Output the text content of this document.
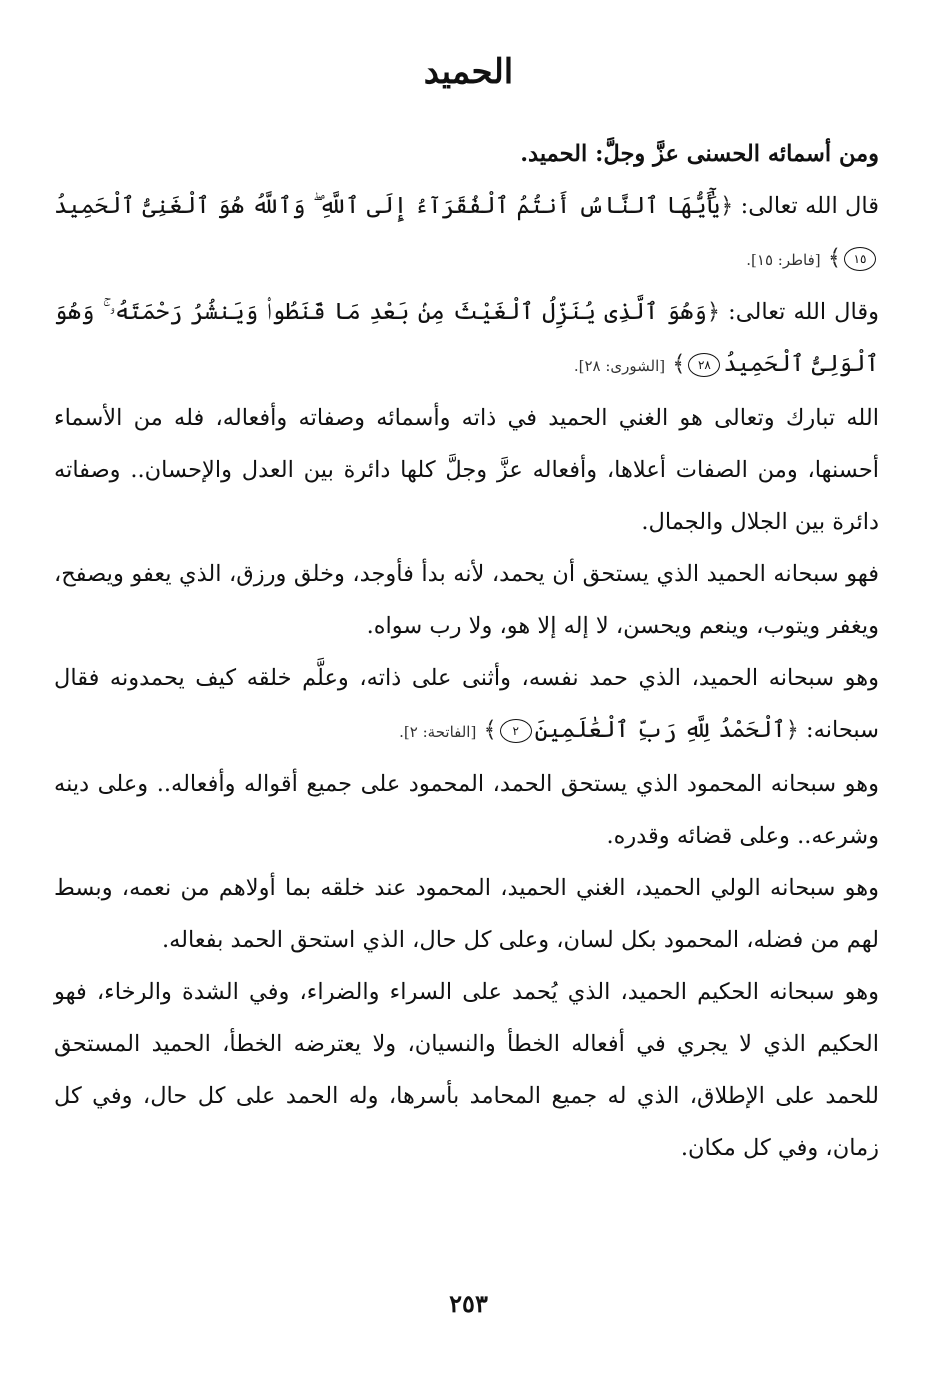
الحميد

ومن أسمائه الحسنى عزَّ وجلَّ: الحميد.

قال الله تعالى: ﴿يَٰٓأَيُّهَا ٱلنَّاسُ أَنتُمُ ٱلْفُقَرَآءُ إِلَى ٱللَّهِ ۖ وَٱللَّهُ هُوَ ٱلْغَنِىُّ ٱلْحَمِيدُ١٥﴾ [فاطر: ١٥].

وقال الله تعالى: ﴿وَهُوَ ٱلَّذِى يُنَزِّلُ ٱلْغَيْثَ مِنۢ بَعْدِ مَا قَنَطُوا۟ وَيَنشُرُ رَحْمَتَهُۥ ۚ وَهُوَ ٱلْوَلِىُّ ٱلْحَمِيدُ٢٨﴾ [الشورى: ٢٨].

الله تبارك وتعالى هو الغني الحميد في ذاته وأسمائه وصفاته وأفعاله، فله من الأسماء أحسنها، ومن الصفات أعلاها، وأفعاله عزَّ وجلَّ كلها دائرة بين العدل والإحسان.. وصفاته دائرة بين الجلال والجمال.

فهو سبحانه الحميد الذي يستحق أن يحمد، لأنه بدأ فأوجد، وخلق ورزق، الذي يعفو ويصفح، ويغفر ويتوب، وينعم ويحسن، لا إله إلا هو، ولا رب سواه.

وهو سبحانه الحميد، الذي حمد نفسه، وأثنى على ذاته، وعلَّم خلقه كيف يحمدونه فقال سبحانه: ﴿ٱلْحَمْدُ لِلَّهِ رَبِّ ٱلْعَٰلَمِينَ٢﴾ [الفاتحة: ٢].

وهو سبحانه المحمود الذي يستحق الحمد، المحمود على جميع أقواله وأفعاله.. وعلى دينه وشرعه.. وعلى قضائه وقدره.

وهو سبحانه الولي الحميد، الغني الحميد، المحمود عند خلقه بما أولاهم من نعمه، وبسط لهم من فضله، المحمود بكل لسان، وعلى كل حال، الذي استحق الحمد بفعاله.

وهو سبحانه الحكيم الحميد، الذي يُحمد على السراء والضراء، وفي الشدة والرخاء، فهو الحكيم الذي لا يجري في أفعاله الخطأ والنسيان، ولا يعترضه الخطأ، الحميد المستحق للحمد على الإطلاق، الذي له جميع المحامد بأسرها، وله الحمد على كل حال، وفي كل زمان، وفي كل مكان.

٢٥٣
